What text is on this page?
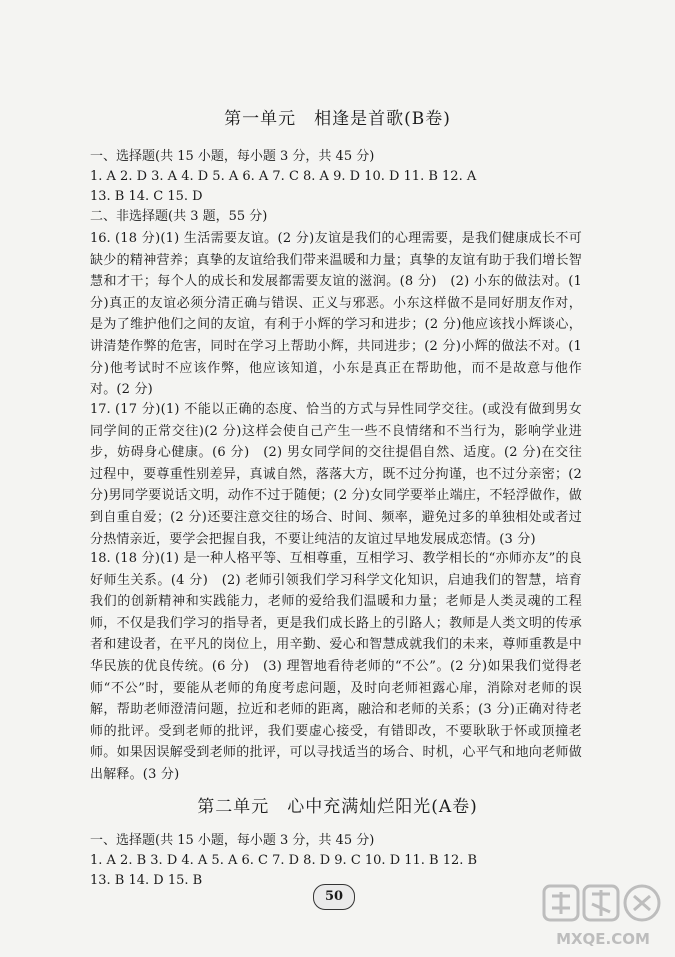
第一单元　相逢是首歌(B卷)
一、选择题(共 15 小题，每小题 3 分，共 45 分)
1. A 2. D 3. A 4. D 5. A 6. A 7. C 8. A 9. D 10. D 11. B 12. A
13. B 14. C 15. D
二、非选择题(共 3 题，55 分)
16. (18 分)(1) 生活需要友谊。(2 分)友谊是我们的心理需要，是我们健康成长不可缺少的精神营养；真挚的友谊给我们带来温暖和力量；真挚的友谊有助于我们增长智慧和才干；每个人的成长和发展都需要友谊的滋润。(8 分)　(2) 小东的做法对。(1 分)真正的友谊必须分清正确与错误、正义与邪恶。小东这样做不是同好朋友作对，是为了维护他们之间的友谊，有利于小辉的学习和进步；(2 分)他应该找小辉谈心，讲清楚作弊的危害，同时在学习上帮助小辉，共同进步；(2 分)小辉的做法不对。(1 分)他考试时不应该作弊，他应该知道，小东是真正在帮助他，而不是故意与他作对。(2 分)
17. (17 分)(1) 不能以正确的态度、恰当的方式与异性同学交往。(或没有做到男女同学间的正常交往)(2 分)这样会使自己产生一些不良情绪和不当行为，影响学业进步，妨碍身心健康。(6 分)　(2) 男女同学间的交往提倡自然、适度。(2 分)在交往过程中，要尊重性别差异，真诚自然，落落大方，既不过分拘谨，也不过分亲密；(2 分)男同学要说话文明，动作不过于随便；(2 分)女同学要举止端庄，不轻浮做作，做到自重自爱；(2 分)还要注意交往的场合、时间、频率，避免过多的单独相处或者过分热情亲近，要学会把握自我，不要让纯洁的友谊过早地发展成恋情。(3 分)
18. (18 分)(1) 是一种人格平等、互相尊重，互相学习、教学相长的“亦师亦友”的良好师生关系。(4 分)　(2) 老师引领我们学习科学文化知识，启迪我们的智慧，培育我们的创新精神和实践能力，老师的爱给我们温暖和力量；老师是人类灵魂的工程师，不仅是我们学习的指导者，更是我们成长路上的引路人；教师是人类文明的传承者和建设者，在平凡的岗位上，用辛勤、爱心和智慧成就我们的未来，尊师重教是中华民族的优良传统。(6 分)　(3) 理智地看待老师的“不公”。(2 分)如果我们觉得老师“不公”时，要能从老师的角度考虑问题，及时向老师袒露心扉，消除对老师的误解，帮助老师澄清问题，拉近和老师的距离，融洽和老师的关系；(3 分)正确对待老师的批评。受到老师的批评，我们要虚心接受，有错即改，不要耿耿于怀或顶撞老师。如果因误解受到老师的批评，可以寻找适当的场合、时机，心平气和地向老师做出解释。(3 分)
第二单元　心中充满灿烂阳光(A卷)
一、选择题(共 15 小题，每小题 3 分，共 45 分)
1. A 2. B 3. D 4. A 5. A 6. C 7. D 8. D 9. C 10. D 11. B 12. B
13. B 14. D 15. B
50
MXQE.COM
